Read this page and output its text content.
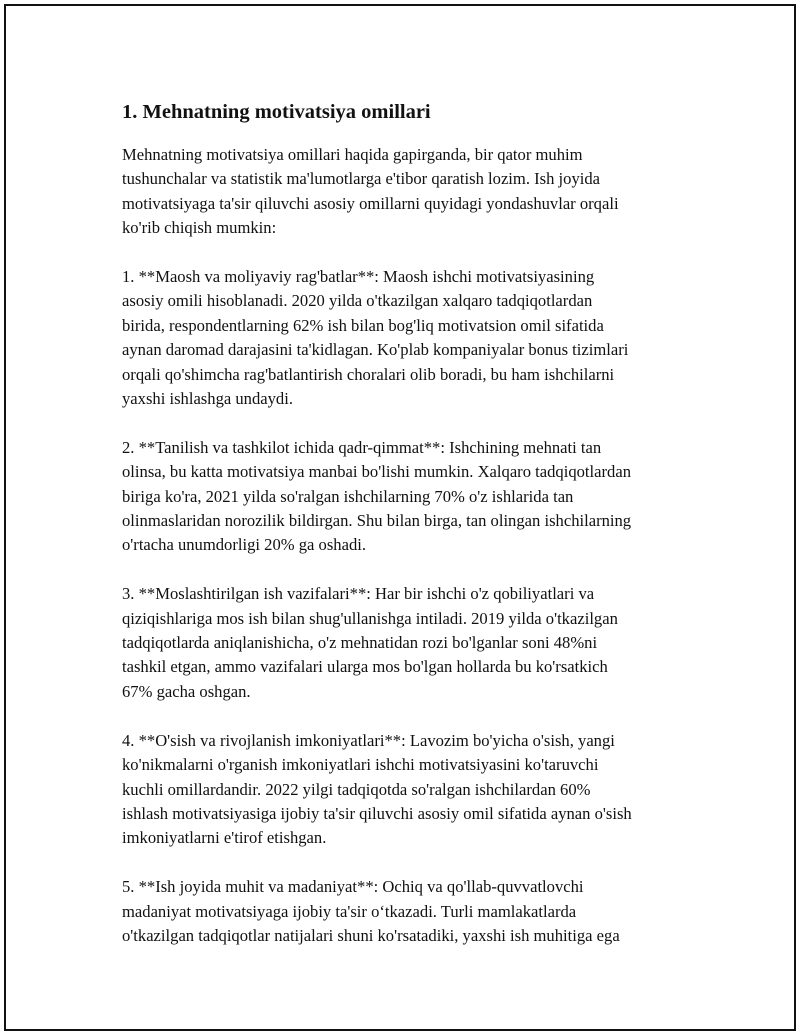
1. Mehnatning motivatsiya omillari

Mehnatning motivatsiya omillari haqida gapirganda, bir qator muhim
tushunchalar va statistik ma'lumotlarga e'tibor qaratish lozim. Ish joyida
motivatsiyaga ta'sir qiluvchi asosiy omillarni quyidagi yondashuvlar orqali
ko'rib chiqish mumkin:

1. **Maosh va moliyaviy rag'batlar**: Maosh ishchi motivatsiyasining
asosiy omili hisoblanadi. 2020 yilda o'tkazilgan xalqaro tadqiqotlardan
birida, respondentlarning 62% ish bilan bog'liq motivatsion omil sifatida
aynan daromad darajasini ta'kidlagan. Ko'plab kompaniyalar bonus tizimlari
orqali qo'shimcha rag'batlantirish choralari olib boradi, bu ham ishchilarni
yaxshi ishlashga undaydi.

2. **Tanilish va tashkilot ichida qadr-qimmat**: Ishchining mehnati tan
olinsa, bu katta motivatsiya manbai bo'lishi mumkin. Xalqaro tadqiqotlardan
biriga ko'ra, 2021 yilda so'ralgan ishchilarning 70% o'z ishlarida tan
olinmaslaridan norozilik bildirgan. Shu bilan birga, tan olingan ishchilarning
o'rtacha unumdorligi 20% ga oshadi.

3. **Moslashtirilgan ish vazifalari**: Har bir ishchi o'z qobiliyatlari va
qiziqishlariga mos ish bilan shug'ullanishga intiladi. 2019 yilda o'tkazilgan
tadqiqotlarda aniqlanishicha, o'z mehnatidan rozi bo'lganlar soni 48%ni
tashkil etgan, ammo vazifalari ularga mos bo'lgan hollarda bu ko'rsatkich
67% gacha oshgan.

4. **O'sish va rivojlanish imkoniyatlari**: Lavozim bo'yicha o'sish, yangi
ko'nikmalarni o'rganish imkoniyatlari ishchi motivatsiyasini ko'taruvchi
kuchli omillardandir. 2022 yilgi tadqiqotda so'ralgan ishchilardan 60%
ishlash motivatsiyasiga ijobiy ta'sir qiluvchi asosiy omil sifatida aynan o'sish
imkoniyatlarni e'tirof etishgan.

5. **Ish joyida muhit va madaniyat**: Ochiq va qo'llab-quvvatlovchi
madaniyat motivatsiyaga ijobiy ta'sir o‘tkazadi. Turli mamlakatlarda
o'tkazilgan tadqiqotlar natijalari shuni ko'rsatadiki, yaxshi ish muhitiga ega
